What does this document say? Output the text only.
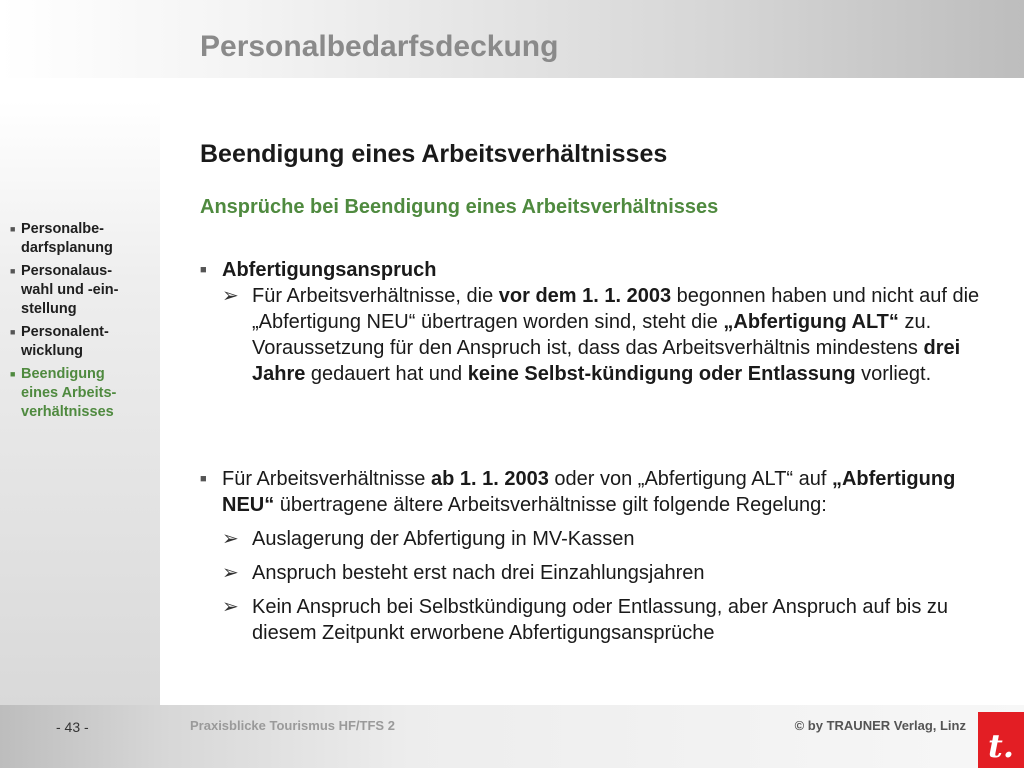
Personalbedarfsdeckung
■ Personalbe-
darfsplanung
■ Personalaus-
wahl und -ein-
stellung
■ Personalent-
wicklung
■ Beendigung
eines Arbeits-
verhältnisses
Beendigung eines Arbeitsverhältnisses
Ansprüche bei Beendigung eines Arbeitsverhältnisses
■ Abfertigungsanspruch
➢ Für Arbeitsverhältnisse, die vor dem 1. 1. 2003 begonnen haben und nicht auf die „Abfertigung NEU“ übertragen worden sind, steht die „Abfertigung ALT“ zu. Voraussetzung für den Anspruch ist, dass das Arbeitsverhältnis mindestens drei Jahre gedauert hat und keine Selbst-kündigung oder Entlassung vorliegt.
■ Für Arbeitsverhältnisse ab 1. 1. 2003 oder von „Abfertigung ALT“ auf „Abfertigung NEU“ übertragene ältere Arbeitsverhältnisse gilt folgende Regelung:
➢ Auslagerung der Abfertigung in MV-Kassen
➢ Anspruch besteht erst nach drei Einzahlungsjahren
➢ Kein Anspruch bei Selbstkündigung oder Entlassung, aber Anspruch auf bis zu diesem Zeitpunkt erworbene Abfertigungsansprüche
- 43 -	Praxisblicke Tourismus HF/TFS 2	© by TRAUNER Verlag, Linz
t.
